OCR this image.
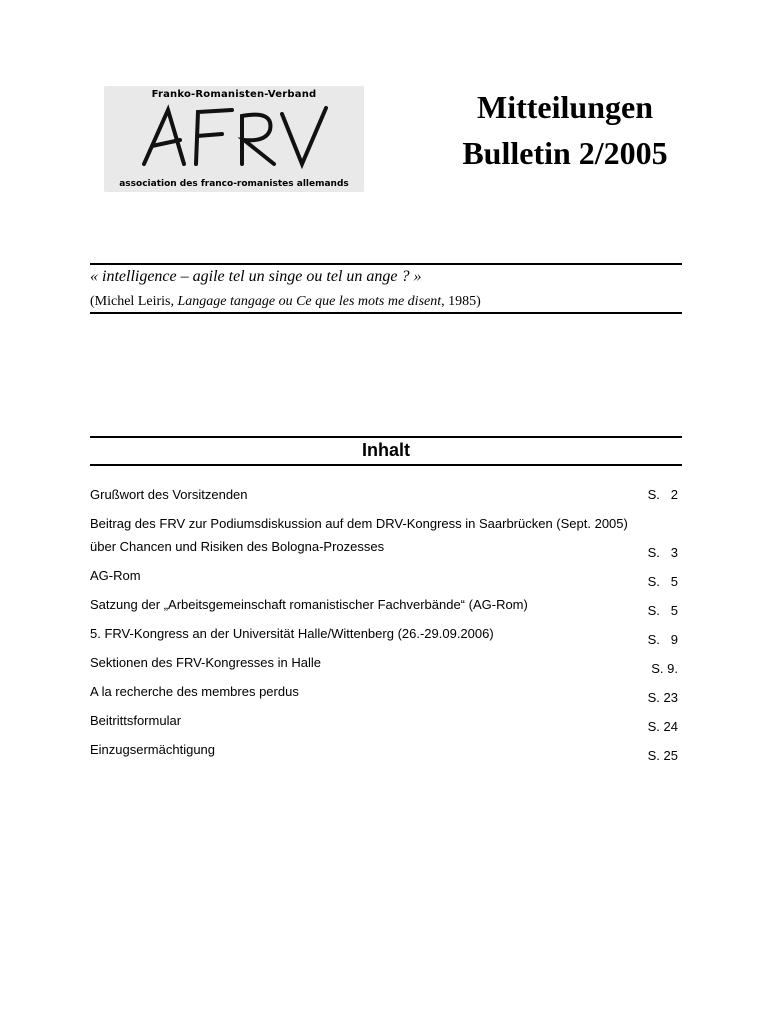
Franko-Romanisten-Verband
association des franco-romanistes allemands
Mitteilungen
Bulletin 2/2005
« intelligence – agile tel un singe ou tel un ange ? »
(Michel Leiris, Langage tangage ou Ce que les mots me disent, 1985)
Inhalt
Grußwort des Vorsitzenden	S.   2
Beitrag des FRV zur Podiumsdiskussion auf dem DRV-Kongress in Saarbrücken (Sept. 2005) über Chancen und Risiken des Bologna-Prozesses	S.   3
AG-Rom	S.   5
Satzung der „Arbeitsgemeinschaft romanistischer Fachverbände“ (AG-Rom)	S.   5
5. FRV-Kongress an der Universität Halle/Wittenberg (26.-29.09.2006)	S.   9
Sektionen des FRV-Kongresses in Halle	S. 9.
A la recherche des membres perdus	S. 23
Beitrittsformular	S. 24
Einzugsermächtigung	S. 25
